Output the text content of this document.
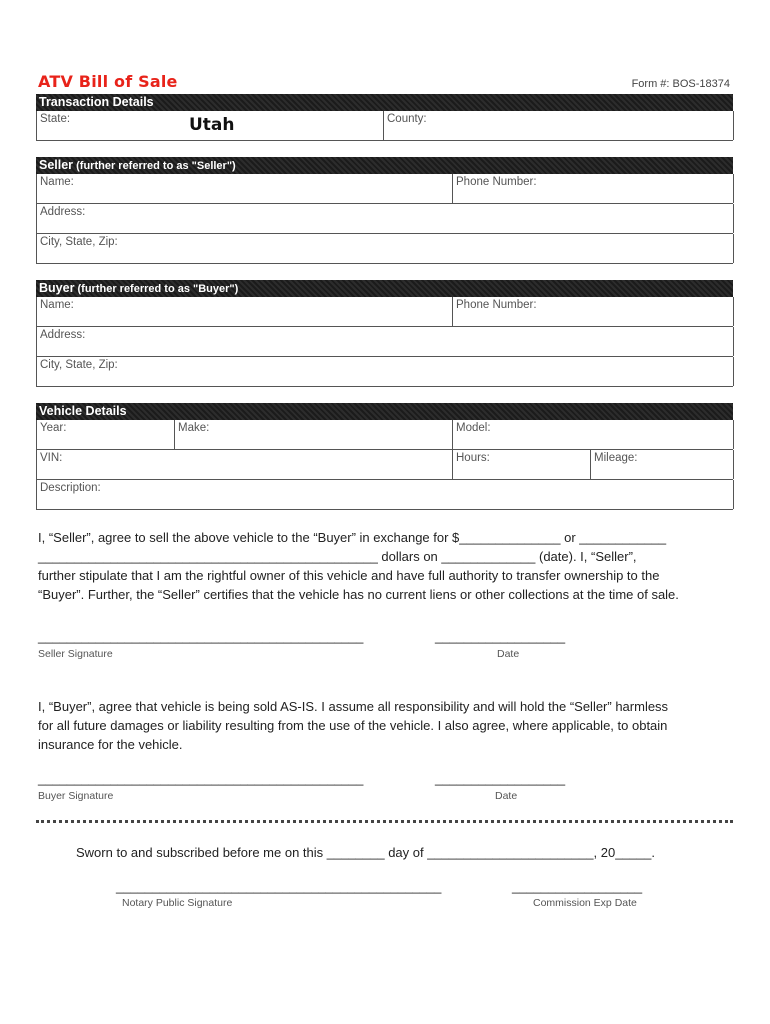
ATV Bill of Sale	Form #: BOS-18374
Transaction Details
State:	Utah	County:
Seller (further referred to as "Seller")
Name:	Phone Number:
Address:
City, State, Zip:
Buyer (further referred to as "Buyer")
Name:	Phone Number:
Address:
City, State, Zip:
Vehicle Details
Year:	Make:	Model:
VIN:	Hours:	Mileage:
Description:
I, “Seller”, agree to sell the above vehicle to the “Buyer” in exchange for $______________ or ____________
_______________________________________________ dollars on _____________ (date). I, “Seller”,
further stipulate that I am the rightful owner of this vehicle and have full authority to transfer ownership to the
“Buyer”. Further, the “Seller” certifies that the vehicle has no current liens or other collections at the time of sale.
_____________________________________________	__________________
Seller Signature	Date
I, “Buyer”, agree that vehicle is being sold AS-IS. I assume all responsibility and will hold the “Seller” harmless
for all future damages or liability resulting from the use of the vehicle. I also agree, where applicable, to obtain
insurance for the vehicle.
_____________________________________________	__________________
Buyer Signature	Date
Sworn to and subscribed before me on this ________ day of _______________________, 20_____.
_____________________________________________	__________________
Notary Public Signature	Commission Exp Date
